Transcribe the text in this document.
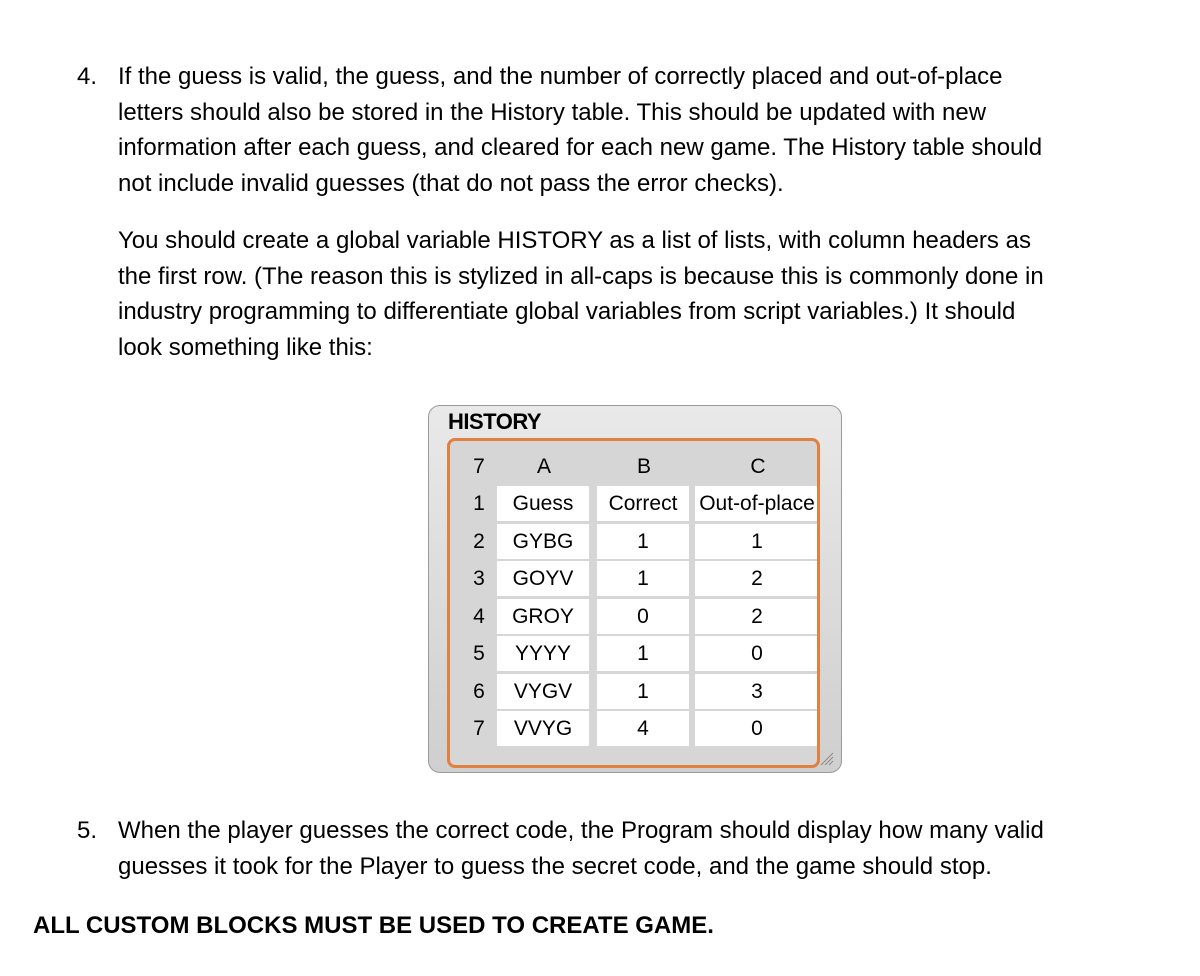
4. If the guess is valid, the guess, and the number of correctly placed and out-of-place
letters should also be stored in the History table. This should be updated with new
information after each guess, and cleared for each new game. The History table should
not include invalid guesses (that do not pass the error checks).
You should create a global variable HISTORY as a list of lists, with column headers as
the first row. (The reason this is stylized in all-caps is because this is commonly done in
industry programming to differentiate global variables from script variables.) It should
look something like this:
HISTORY
7	A	B	C
1	Guess	Correct	Out-of-place
2	GYBG	1	1
3	GOYV	1	2
4	GROY	0	2
5	YYYY	1	0
6	VYGV	1	3
7	VVYG	4	0
5. When the player guesses the correct code, the Program should display how many valid
guesses it took for the Player to guess the secret code, and the game should stop.
ALL CUSTOM BLOCKS MUST BE USED TO CREATE GAME.
